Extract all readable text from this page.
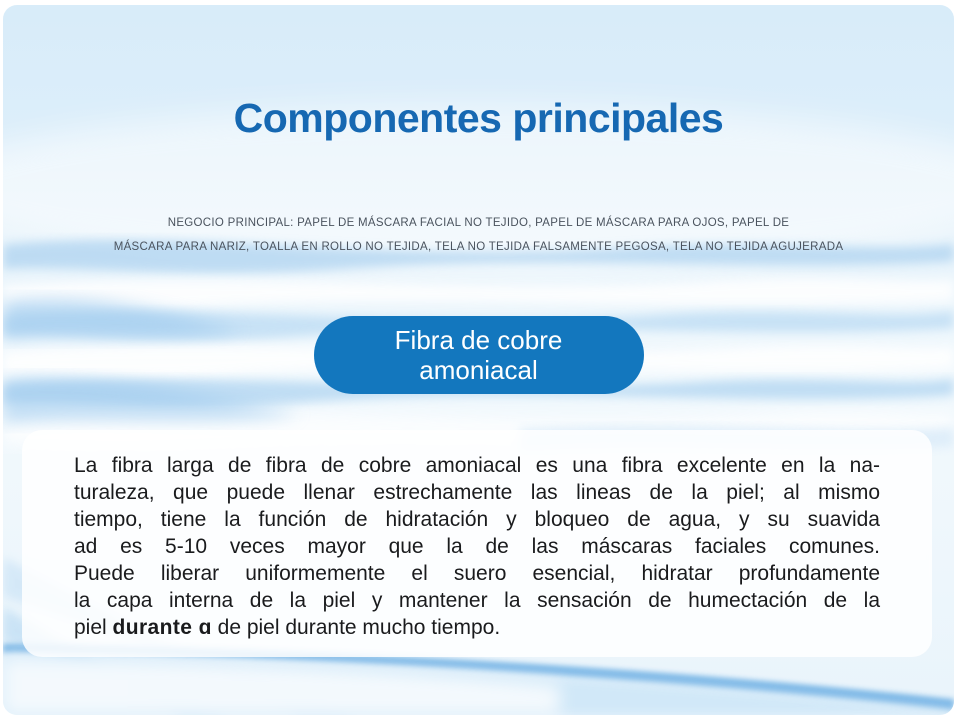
Componentes principales
NEGOCIO PRINCIPAL: PAPEL DE MÁSCARA FACIAL NO TEJIDO, PAPEL DE MÁSCARA PARA OJOS, PAPEL DE
MÁSCARA PARA NARIZ, TOALLA EN ROLLO NO TEJIDA, TELA NO TEJIDA FALSAMENTE PEGOSA, TELA NO TEJIDA AGUJERADA
Fibra de cobre
amoniacal
La fibra larga de fibra de cobre amoniacal es una fibra excelente en la na-
turaleza, que puede llenar estrechamente las lineas de la piel; al mismo
tiempo, tiene la función de hidratación y bloqueo de agua, y su suavida
ad es 5-10 veces mayor que la de las máscaras faciales comunes.
Puede liberar uniformemente el suero esencial, hidratar profundamente
la capa interna de la piel y mantener la sensación de humectación de la
piel durante ɑ de piel durante mucho tiempo.
